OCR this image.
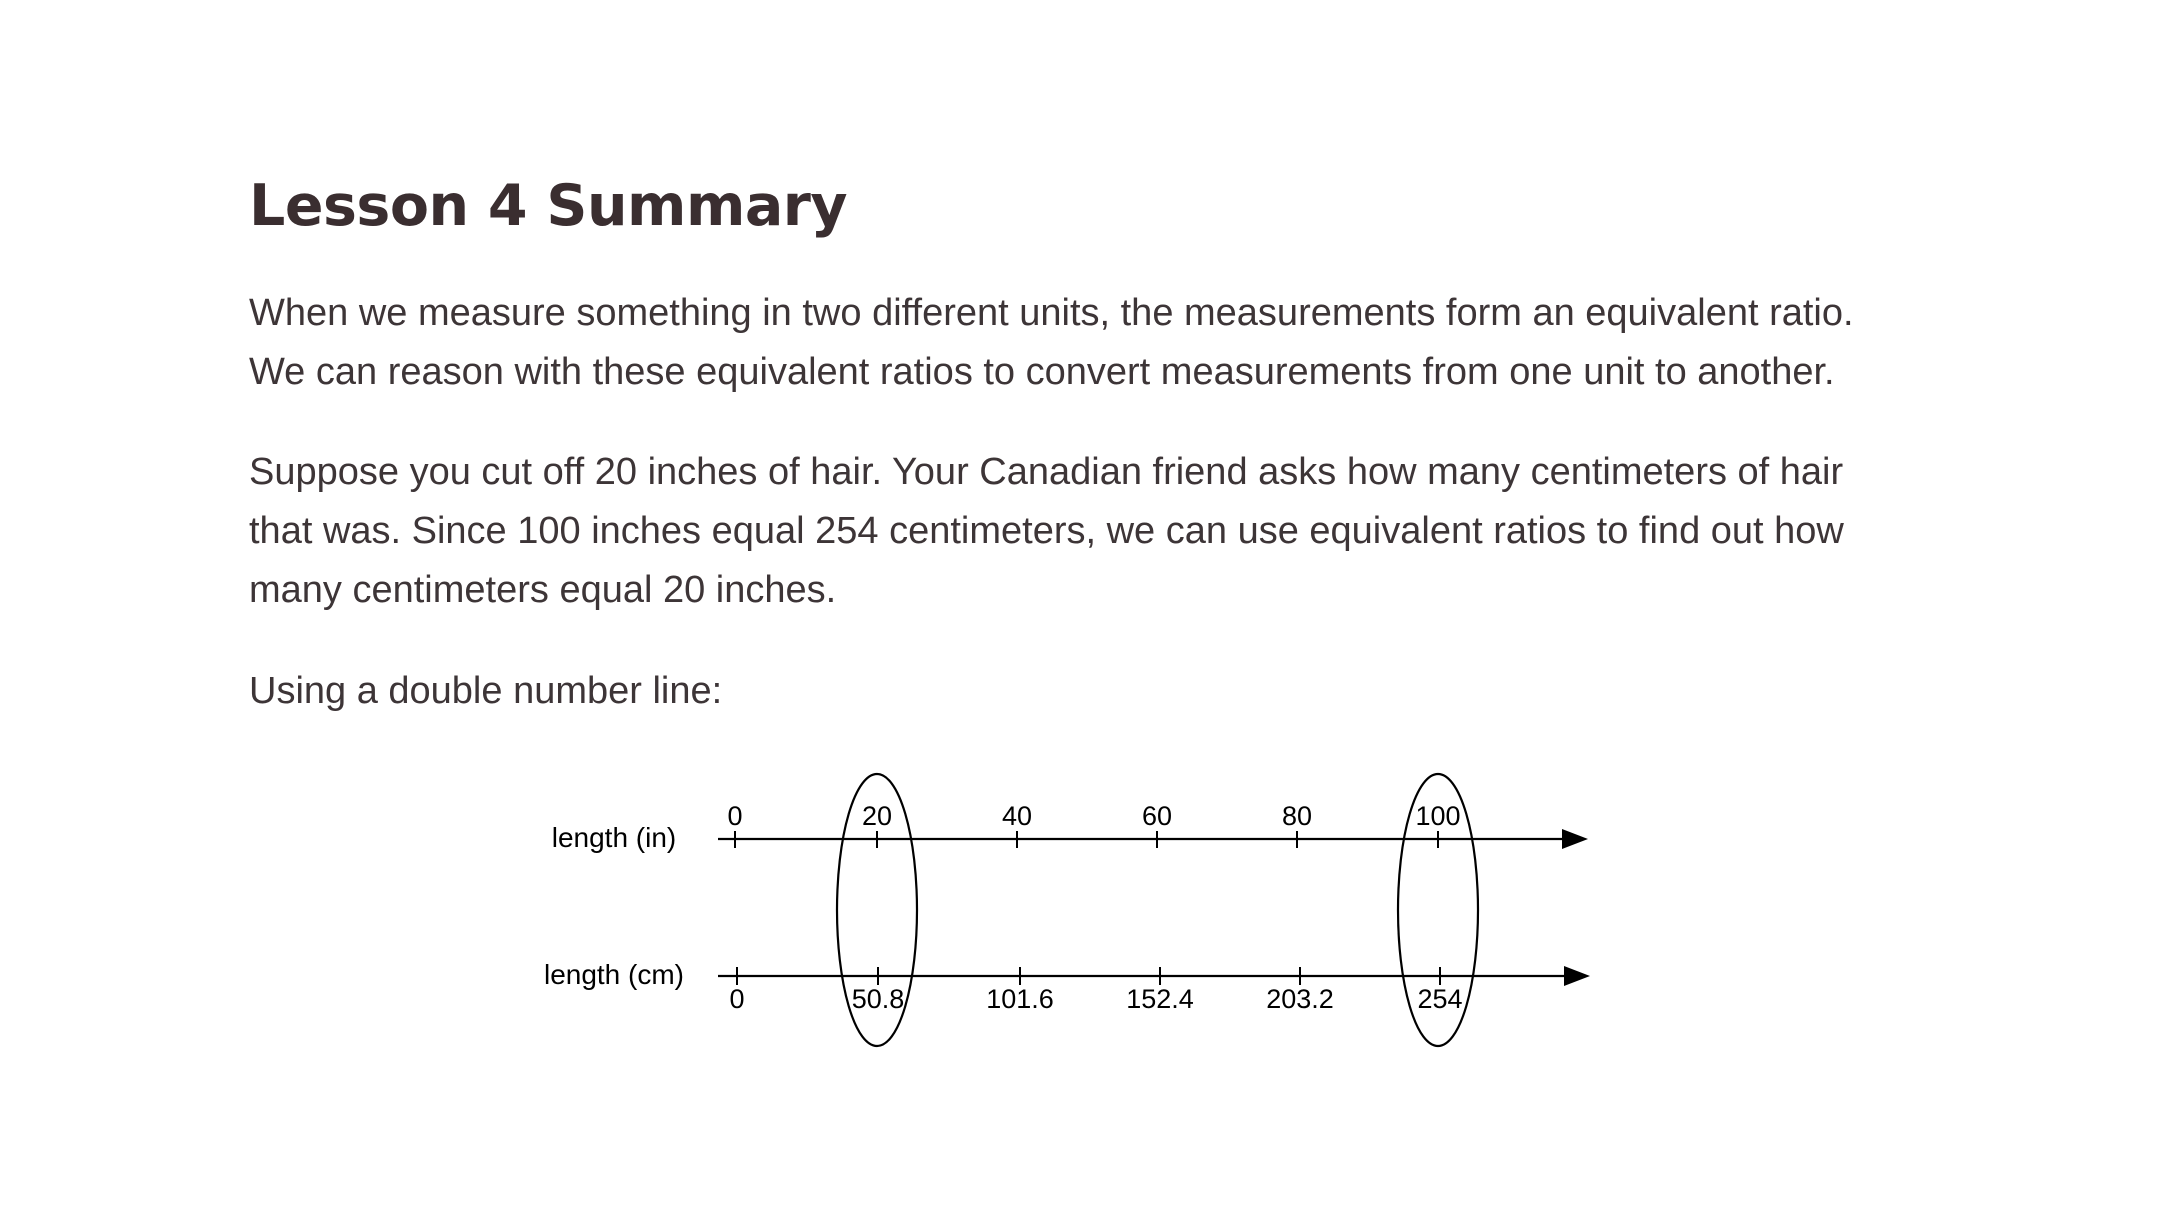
Lesson 4 Summary

When we measure something in two different units, the measurements form an equivalent ratio.
We can reason with these equivalent ratios to convert measurements from one unit to another.

Suppose you cut off 20 inches of hair. Your Canadian friend asks how many centimeters of hair
that was. Since 100 inches equal 254 centimeters, we can use equivalent ratios to find out how
many centimeters equal 20 inches.

Using a double number line:

length (in)
length (cm)
0	20	40	60	80	100
0	50.8	101.6	152.4	203.2	254
